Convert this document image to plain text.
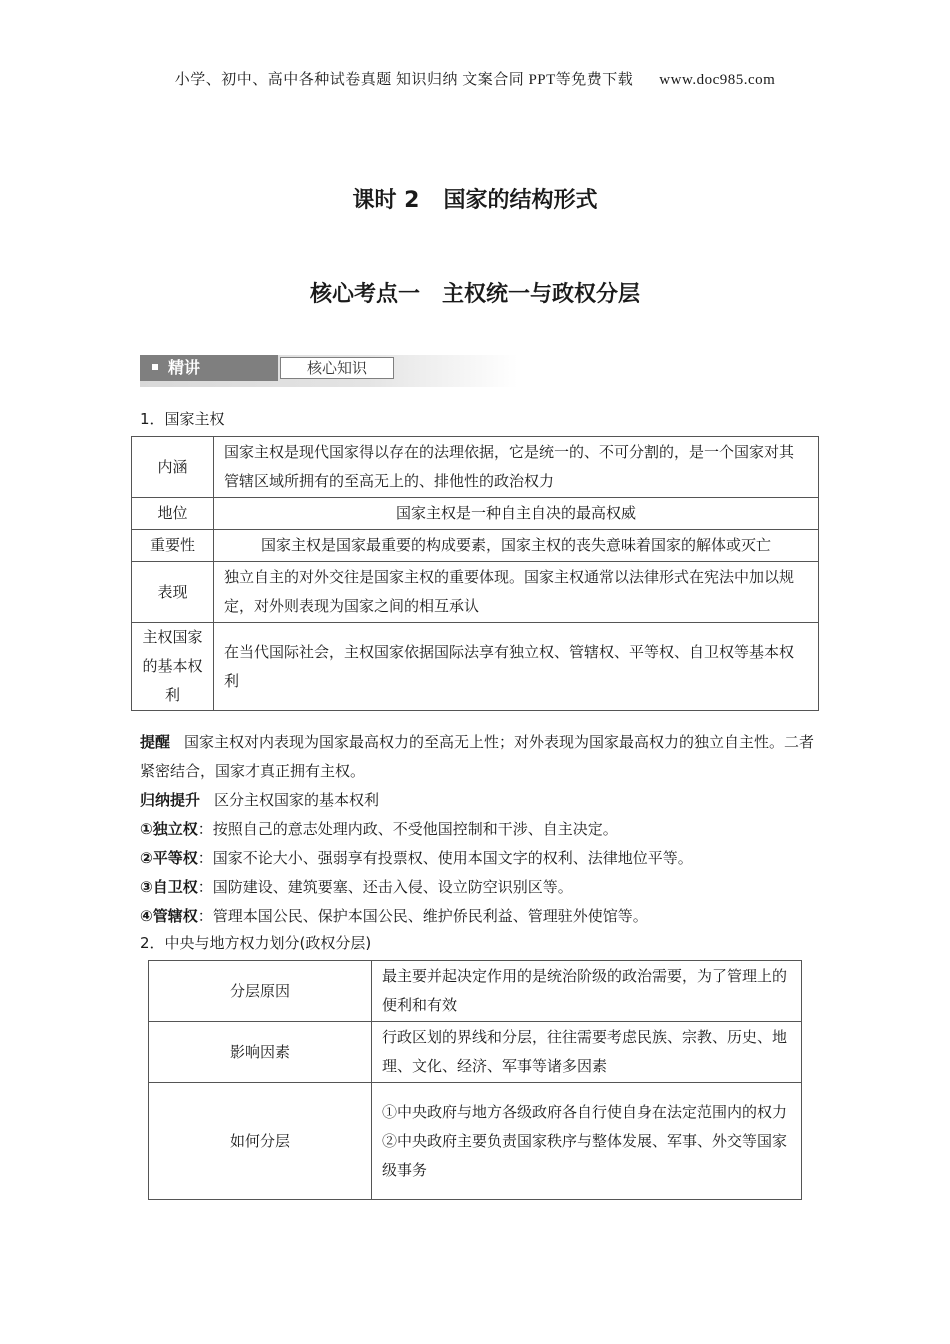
小学、初中、高中各种试卷真题 知识归纳 文案合同 PPT等免费下载 www.doc985.com
课时 2 国家的结构形式
核心考点一 主权统一与政权分层
精讲	核心知识
1．国家主权
内涵	国家主权是现代国家得以存在的法理依据，它是统一的、不可分割的，是一个国家对其管辖区域所拥有的至高无上的、排他性的政治权力
地位	国家主权是一种自主自决的最高权威
重要性	国家主权是国家最重要的构成要素，国家主权的丧失意味着国家的解体或灭亡
表现	独立自主的对外交往是国家主权的重要体现。国家主权通常以法律形式在宪法中加以规定，对外则表现为国家之间的相互承认
主权国家的基本权利	在当代国际社会，主权国家依据国际法享有独立权、管辖权、平等权、自卫权等基本权利
提醒 国家主权对内表现为国家最高权力的至高无上性；对外表现为国家最高权力的独立自主性。二者紧密结合，国家才真正拥有主权。
归纳提升 区分主权国家的基本权利
①独立权：按照自己的意志处理内政、不受他国控制和干涉、自主决定。
②平等权：国家不论大小、强弱享有投票权、使用本国文字的权利、法律地位平等。
③自卫权：国防建设、建筑要塞、还击入侵、设立防空识别区等。
④管辖权：管理本国公民、保护本国公民、维护侨民利益、管理驻外使馆等。
2．中央与地方权力划分(政权分层)
分层原因	最主要并起决定作用的是统治阶级的政治需要，为了管理上的便利和有效

影响因素	行政区划的界线和分层，往往需要考虑民族、宗教、历史、地理、文化、经济、军事等诸多因素

如何分层	①中央政府与地方各级政府各自行使自身在法定范围内的权力
②中央政府主要负责国家秩序与整体发展、军事、外交等国家级事务
